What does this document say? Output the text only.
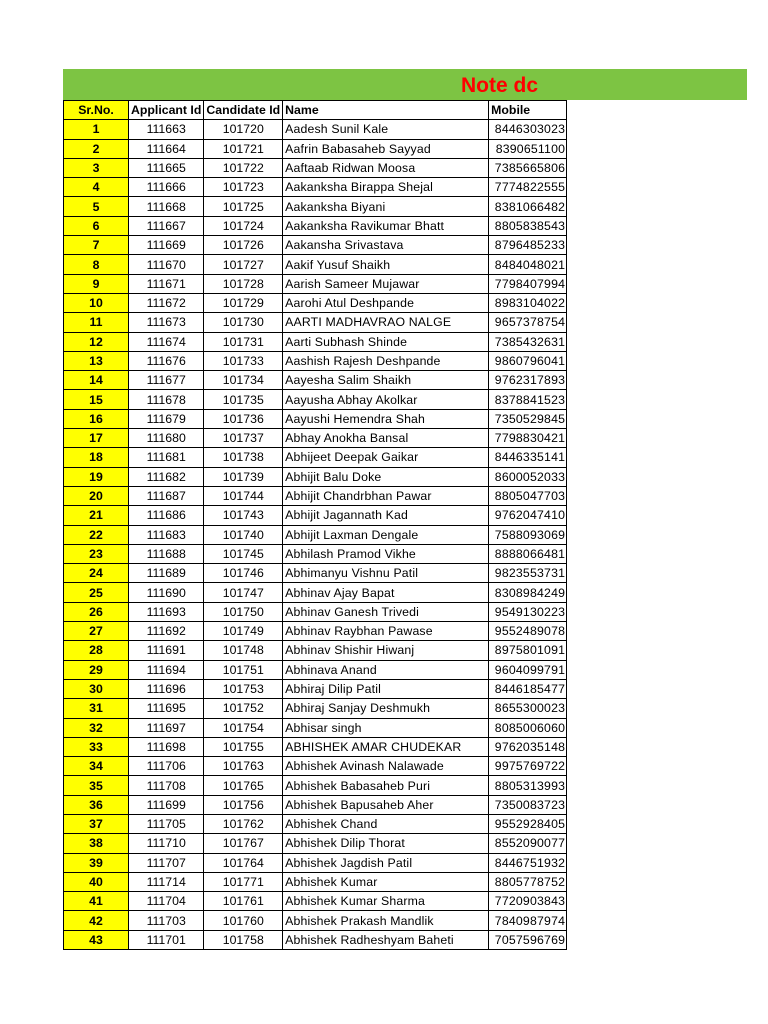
Note dc
Sr.No.	Applicant Id	Candidate Id	Name	Mobile
1	111663	101720	Aadesh Sunil Kale	8446303023
2	111664	101721	Aafrin Babasaheb Sayyad	8390651100
3	111665	101722	Aaftaab Ridwan Moosa	7385665806
4	111666	101723	Aakanksha Birappa Shejal	7774822555
5	111668	101725	Aakanksha Biyani	8381066482
6	111667	101724	Aakanksha Ravikumar Bhatt	8805838543
7	111669	101726	Aakansha Srivastava	8796485233
8	111670	101727	Aakif Yusuf Shaikh	8484048021
9	111671	101728	Aarish Sameer Mujawar	7798407994
10	111672	101729	Aarohi Atul Deshpande	8983104022
11	111673	101730	AARTI MADHAVRAO NALGE	9657378754
12	111674	101731	Aarti Subhash Shinde	7385432631
13	111676	101733	Aashish Rajesh Deshpande	9860796041
14	111677	101734	Aayesha Salim Shaikh	9762317893
15	111678	101735	Aayusha Abhay Akolkar	8378841523
16	111679	101736	Aayushi Hemendra Shah	7350529845
17	111680	101737	Abhay Anokha Bansal	7798830421
18	111681	101738	Abhijeet Deepak Gaikar	8446335141
19	111682	101739	Abhijit Balu Doke	8600052033
20	111687	101744	Abhijit Chandrbhan Pawar	8805047703
21	111686	101743	Abhijit Jagannath Kad	9762047410
22	111683	101740	Abhijit Laxman Dengale	7588093069
23	111688	101745	Abhilash Pramod Vikhe	8888066481
24	111689	101746	Abhimanyu Vishnu Patil	9823553731
25	111690	101747	Abhinav Ajay Bapat	8308984249
26	111693	101750	Abhinav Ganesh Trivedi	9549130223
27	111692	101749	Abhinav Raybhan Pawase	9552489078
28	111691	101748	Abhinav Shishir Hiwanj	8975801091
29	111694	101751	Abhinava Anand	9604099791
30	111696	101753	Abhiraj Dilip Patil	8446185477
31	111695	101752	Abhiraj Sanjay Deshmukh	8655300023
32	111697	101754	Abhisar singh	8085006060
33	111698	101755	ABHISHEK AMAR CHUDEKAR	9762035148
34	111706	101763	Abhishek Avinash Nalawade	9975769722
35	111708	101765	Abhishek Babasaheb Puri	8805313993
36	111699	101756	Abhishek Bapusaheb Aher	7350083723
37	111705	101762	Abhishek Chand	9552928405
38	111710	101767	Abhishek Dilip Thorat	8552090077
39	111707	101764	Abhishek Jagdish Patil	8446751932
40	111714	101771	Abhishek Kumar	8805778752
41	111704	101761	Abhishek Kumar Sharma	7720903843
42	111703	101760	Abhishek Prakash Mandlik	7840987974
43	111701	101758	Abhishek Radheshyam Baheti	7057596769
